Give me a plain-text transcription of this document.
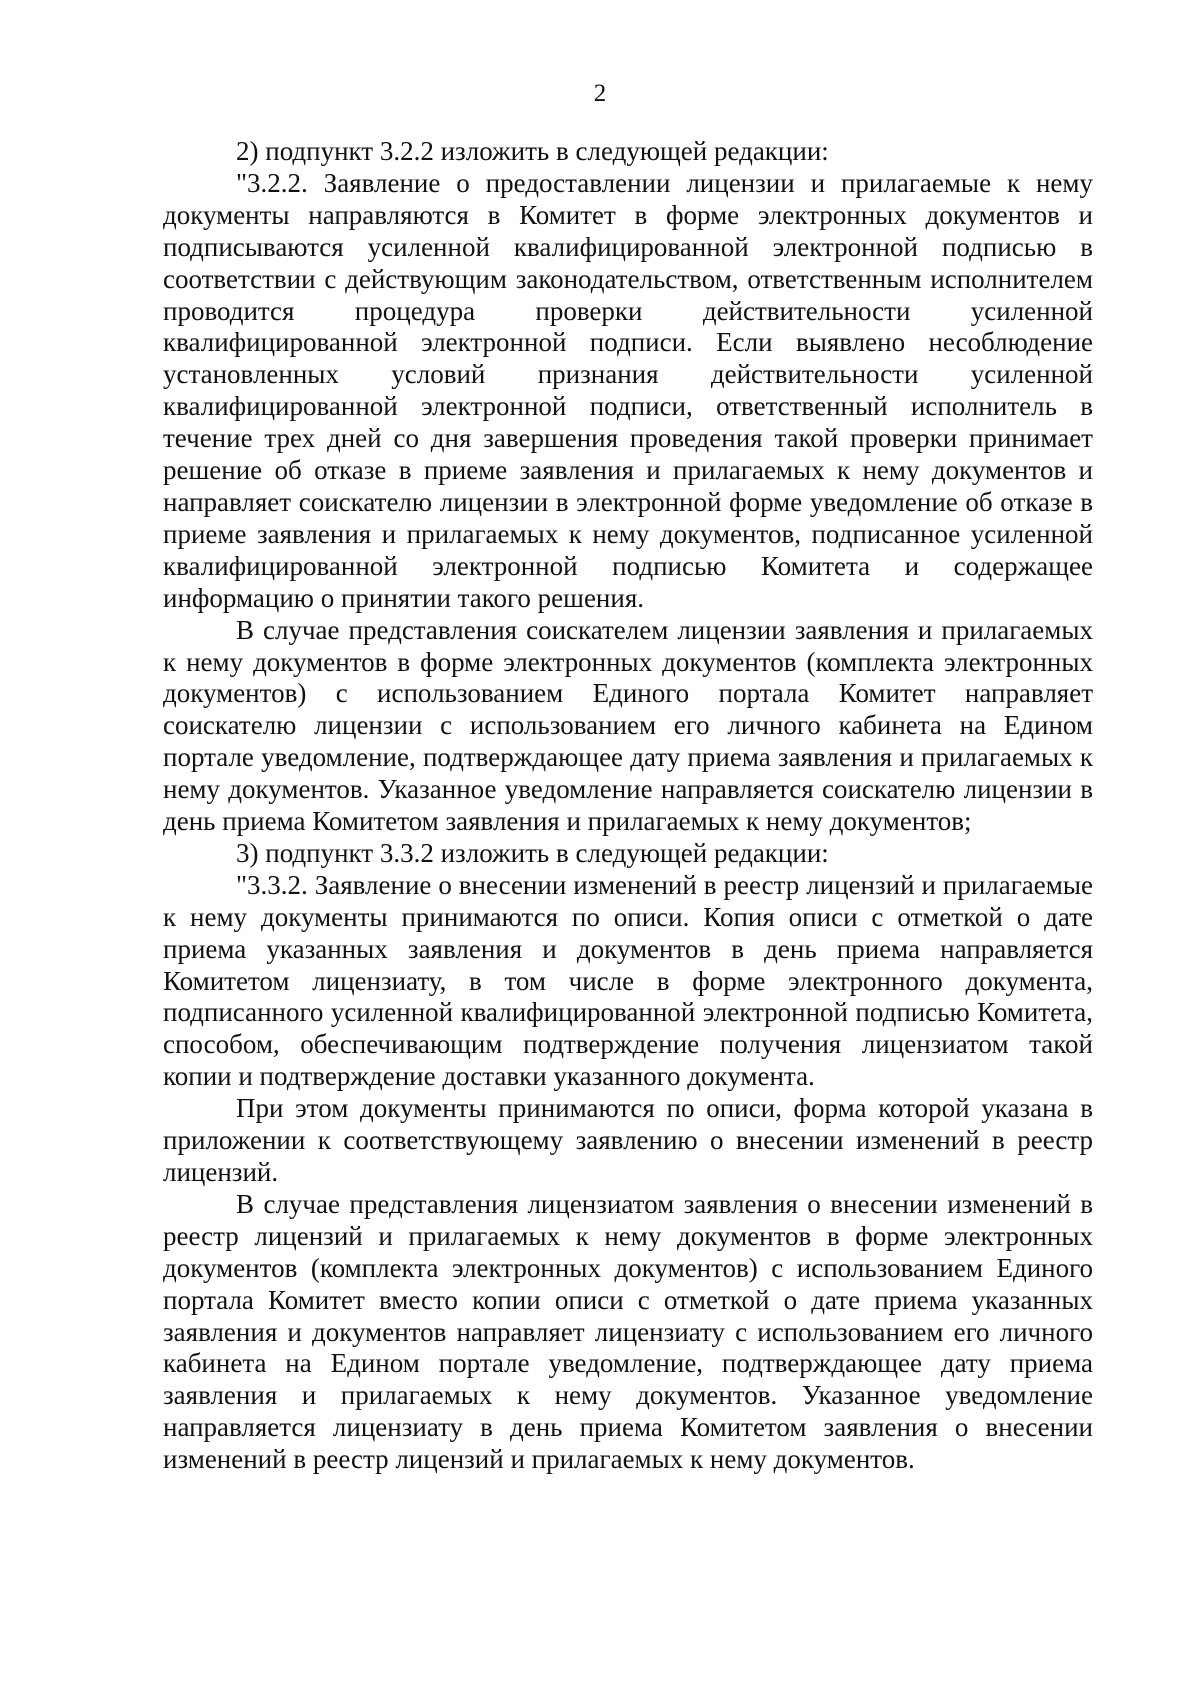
2

2) подпункт 3.2.2 изложить в следующей редакции:

"3.2.2. Заявление о предоставлении лицензии и прилагаемые к нему документы направляются в Комитет в форме электронных документов и подписываются усиленной квалифицированной электронной подписью в соответствии с действующим законодательством, ответственным исполнителем проводится процедура проверки действительности усиленной квалифицированной электронной подписи. Если выявлено несоблюдение установленных условий признания действительности усиленной квалифицированной электронной подписи, ответственный исполнитель в течение трех дней со дня завершения проведения такой проверки принимает решение об отказе в приеме заявления и прилагаемых к нему документов и направляет соискателю лицензии в электронной форме уведомление об отказе в приеме заявления и прилагаемых к нему документов, подписанное усиленной квалифицированной электронной подписью Комитета и содержащее информацию о принятии такого решения.

В случае представления соискателем лицензии заявления и прилагаемых к нему документов в форме электронных документов (комплекта электронных документов) с использованием Единого портала Комитет направляет соискателю лицензии с использованием его личного кабинета на Едином портале уведомление, подтверждающее дату приема заявления и прилагаемых к нему документов. Указанное уведомление направляется соискателю лицензии в день приема Комитетом заявления и прилагаемых к нему документов;

3) подпункт 3.3.2 изложить в следующей редакции:

"3.3.2. Заявление о внесении изменений в реестр лицензий и прилагаемые к нему документы принимаются по описи. Копия описи с отметкой о дате приема указанных заявления и документов в день приема направляется Комитетом лицензиату, в том числе в форме электронного документа, подписанного усиленной квалифицированной электронной подписью Комитета, способом, обеспечивающим подтверждение получения лицензиатом такой копии и подтверждение доставки указанного документа.

При этом документы принимаются по описи, форма которой указана в приложении к соответствующему заявлению о внесении изменений в реестр лицензий.

В случае представления лицензиатом заявления о внесении изменений в реестр лицензий и прилагаемых к нему документов в форме электронных документов (комплекта электронных документов) с использованием Единого портала Комитет вместо копии описи с отметкой о дате приема указанных заявления и документов направляет лицензиату с использованием его личного кабинета на Едином портале уведомление, подтверждающее дату приема заявления и прилагаемых к нему документов. Указанное уведомление направляется лицензиату в день приема Комитетом заявления о внесении изменений в реестр лицензий и прилагаемых к нему документов.
